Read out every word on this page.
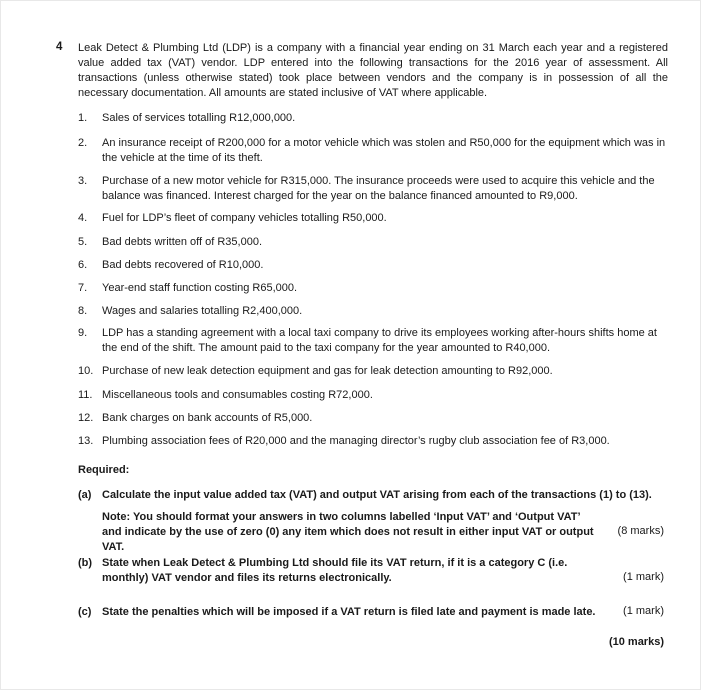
4 Leak Detect & Plumbing Ltd (LDP) is a company with a financial year ending on 31 March each year and a registered value added tax (VAT) vendor. LDP entered into the following transactions for the 2016 year of assessment. All transactions (unless otherwise stated) took place between vendors and the company is in possession of all the necessary documentation. All amounts are stated inclusive of VAT where applicable.
1.	Sales of services totalling R12,000,000.
2.	An insurance receipt of R200,000 for a motor vehicle which was stolen and R50,000 for the equipment which was in the vehicle at the time of its theft.
3.	Purchase of a new motor vehicle for R315,000. The insurance proceeds were used to acquire this vehicle and the balance was financed. Interest charged for the year on the balance financed amounted to R9,000.
4.	Fuel for LDP’s fleet of company vehicles totalling R50,000.
5.	Bad debts written off of R35,000.
6.	Bad debts recovered of R10,000.
7.	Year-end staff function costing R65,000.
8.	Wages and salaries totalling R2,400,000.
9.	LDP has a standing agreement with a local taxi company to drive its employees working after-hours shifts home at the end of the shift. The amount paid to the taxi company for the year amounted to R40,000.
10. Purchase of new leak detection equipment and gas for leak detection amounting to R92,000.
11. Miscellaneous tools and consumables costing R72,000.
12. Bank charges on bank accounts of R5,000.
13. Plumbing association fees of R20,000 and the managing director’s rugby club association fee of R3,000.
Required:
(a) Calculate the input value added tax (VAT) and output VAT arising from each of the transactions (1) to (13).
Note: You should format your answers in two columns labelled ‘Input VAT’ and ‘Output VAT’ and indicate by the use of zero (0) any item which does not result in either input VAT or output VAT.
(8 marks)
(b) State when Leak Detect & Plumbing Ltd should file its VAT return, if it is a category C (i.e. monthly) VAT vendor and files its returns electronically.	(1 mark)
(c) State the penalties which will be imposed if a VAT return is filed late and payment is made late.	(1 mark)
(10 marks)
